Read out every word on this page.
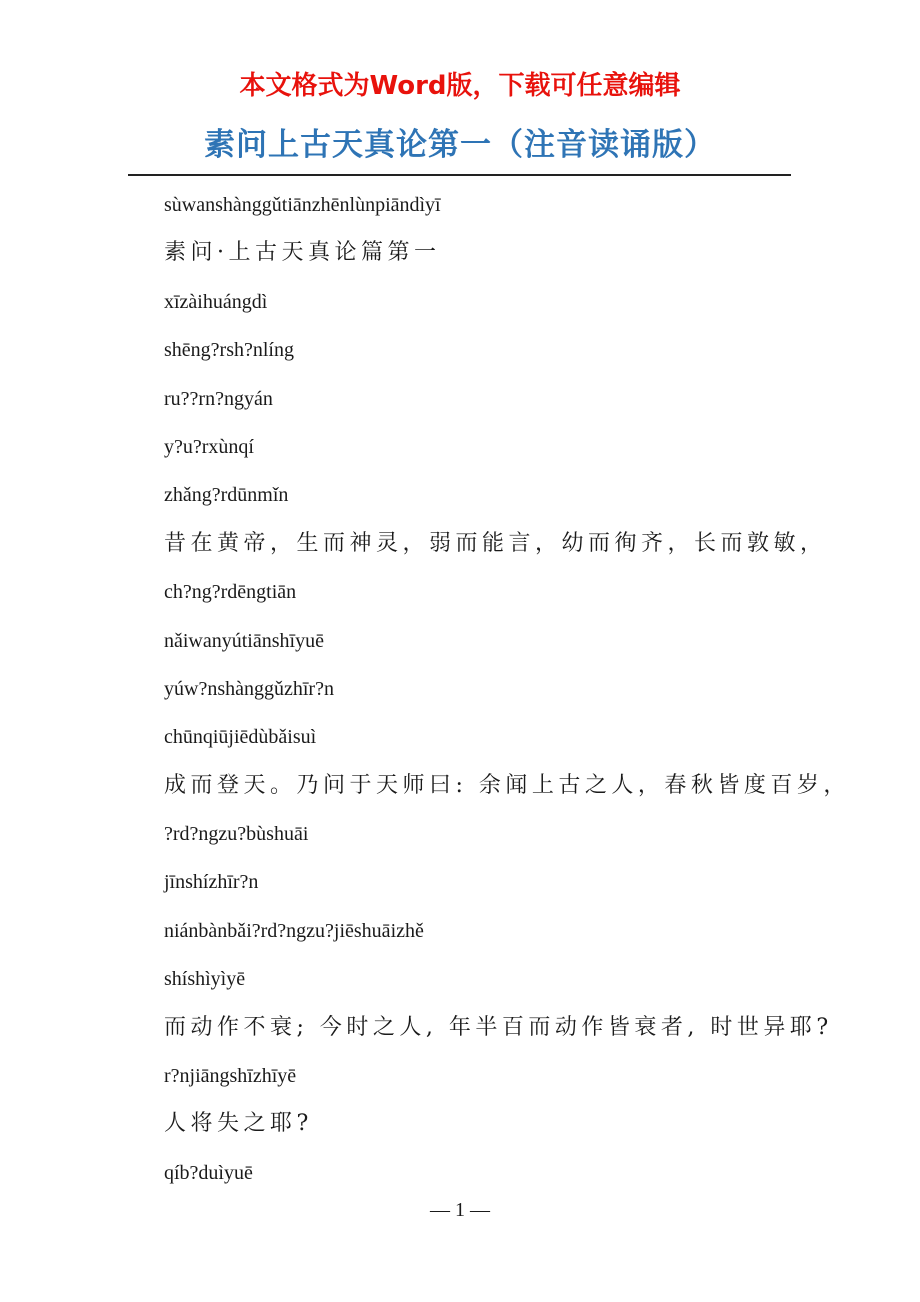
本文格式为Word版，下载可任意编辑
素问上古天真论第一（注音读诵版）
sùwanshànggǔtiānzhēnlùnpiāndìyī
素问·上古天真论篇第一
xīzàihuángdì
shēng?rsh?nlíng
ru??rn?ngyán
y?u?rxùnqí
zhǎng?rdūnmǐn
昔在黄帝，生而神灵，弱而能言，幼而徇齐，长而敦敏，
ch?ng?rdēngtiān
nǎiwanyútiānshīyuē
yúw?nshànggǔzhīr?n
chūnqiūjiēdùbǎisuì
成而登天。乃问于天师曰: 余闻上古之人，春秋皆度百岁，
?rd?ngzu?bùshuāi
jīnshízhīr?n
niánbànbǎi?rd?ngzu?jiēshuāizhě
shíshìyìyē
而动作不衰; 今时之人, 年半百而动作皆衰者, 时世异耶?
r?njiāngshīzhīyē
人将失之耶?
qíb?duìyuē
— 1 —
